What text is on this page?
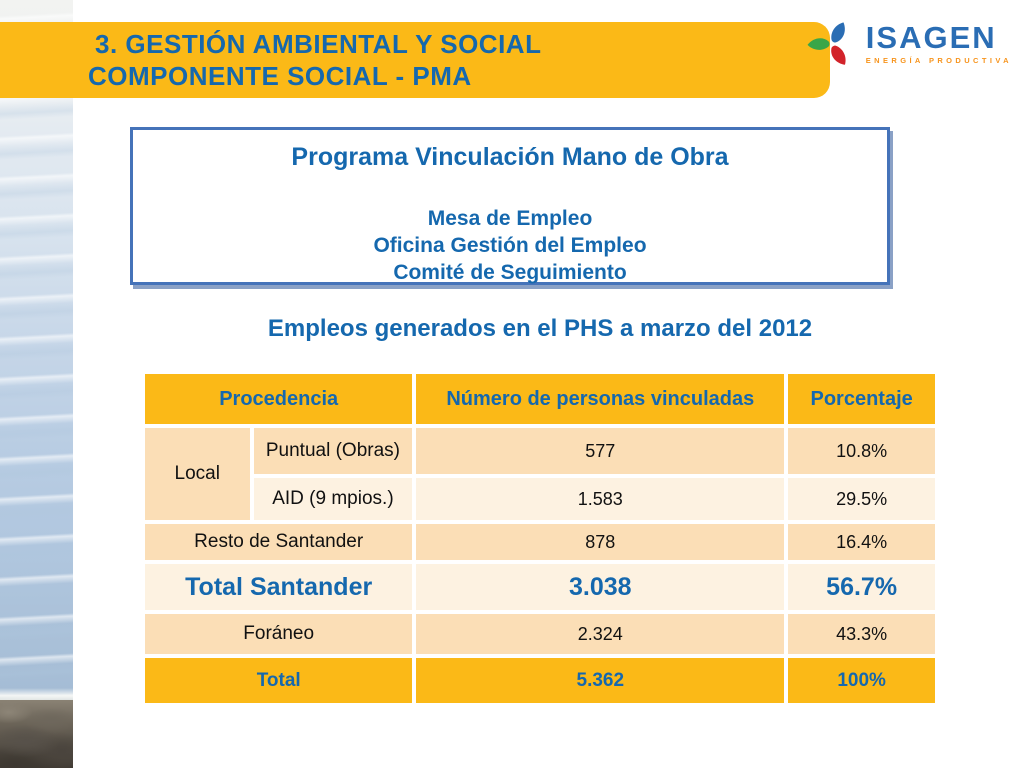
3. GESTIÓN AMBIENTAL Y SOCIAL
COMPONENTE SOCIAL - PMA
ISAGEN
ENERGÍA PRODUCTIVA
Programa Vinculación Mano de Obra
Mesa de Empleo
Oficina Gestión del Empleo
Comité de Seguimiento
Empleos generados en el PHS a marzo del 2012
Procedencia		Número de personas vinculadas	Porcentaje
Local	Puntual (Obras)	577	10.8%
	AID (9 mpios.)	1.583	29.5%
Resto de Santander		878	16.4%
Total Santander		3.038	56.7%
Foráneo		2.324	43.3%
Total		5.362	100%
